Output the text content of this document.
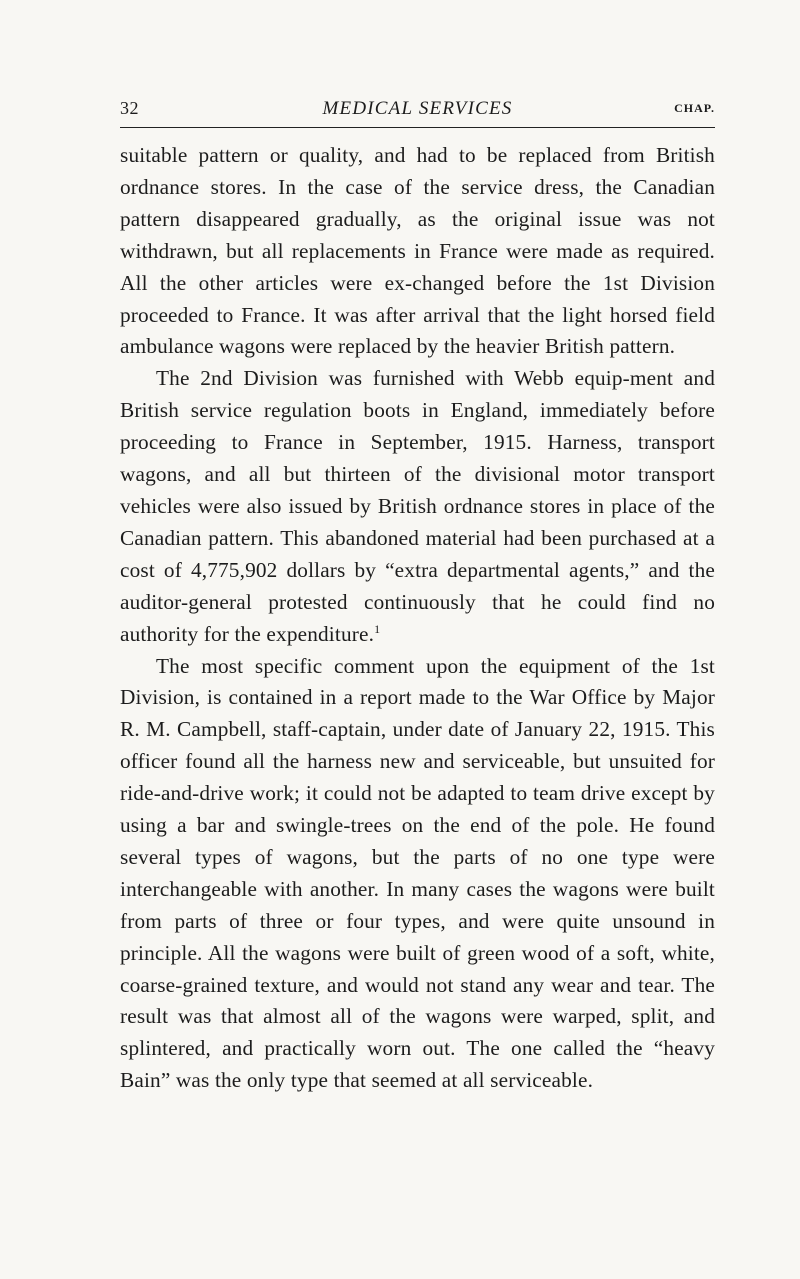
32	MEDICAL SERVICES	CHAP.

suitable pattern or quality, and had to be replaced from British ordnance stores. In the case of the service dress, the Canadian pattern disappeared gradually, as the original issue was not withdrawn, but all replacements in France were made as required. All the other articles were ex-changed before the 1st Division proceeded to France. It was after arrival that the light horsed field ambulance wagons were replaced by the heavier British pattern.

The 2nd Division was furnished with Webb equip-ment and British service regulation boots in England, immediately before proceeding to France in September, 1915. Harness, transport wagons, and all but thirteen of the divisional motor transport vehicles were also issued by British ordnance stores in place of the Canadian pattern. This abandoned material had been purchased at a cost of 4,775,902 dollars by “extra departmental agents,” and the auditor-general protested continuously that he could find no authority for the expenditure.$^1$

The most specific comment upon the equipment of the 1st Division, is contained in a report made to the War Office by Major R. M. Campbell, staff-captain, under date of January 22, 1915. This officer found all the harness new and serviceable, but unsuited for ride-and-drive work; it could not be adapted to team drive except by using a bar and swingle-trees on the end of the pole. He found several types of wagons, but the parts of no one type were interchangeable with another. In many cases the wagons were built from parts of three or four types, and were quite unsound in principle. All the wagons were built of green wood of a soft, white, coarse-grained texture, and would not stand any wear and tear. The result was that almost all of the wagons were warped, split, and splintered, and practically worn out. The one called the “heavy Bain” was the only type that seemed at all serviceable.
